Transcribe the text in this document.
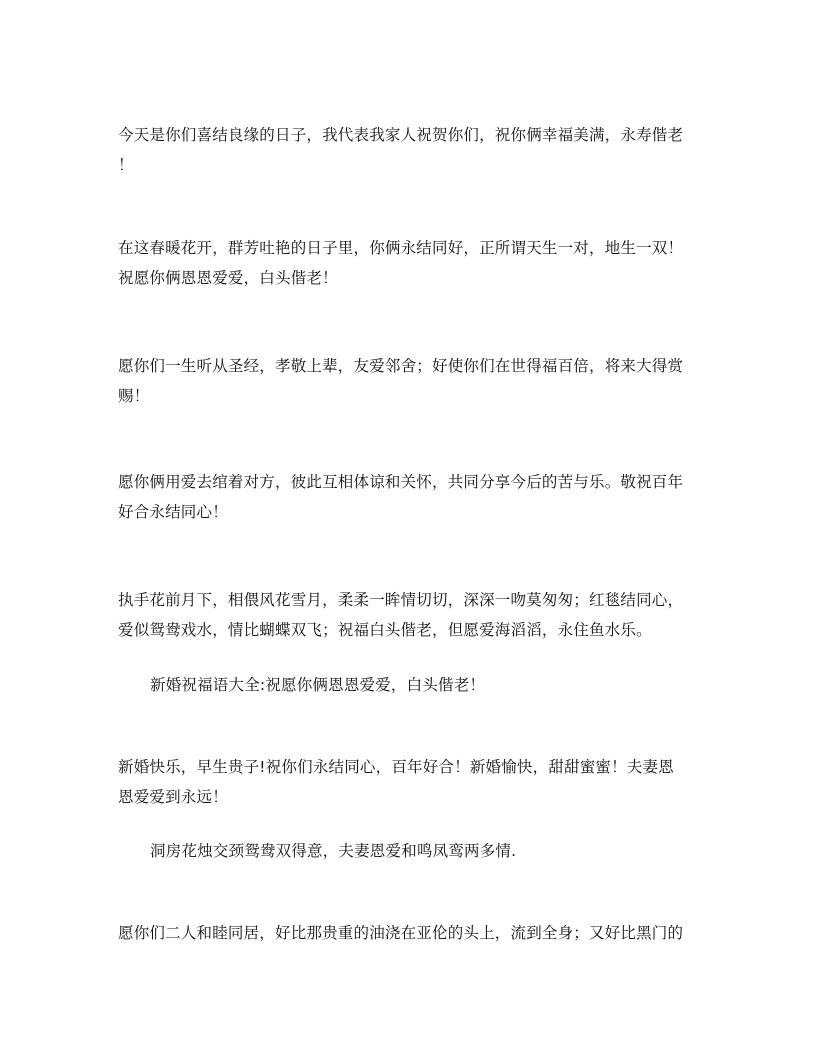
今天是你们喜结良缘的日子，我代表我家人祝贺你们，祝你俩幸福美满，永寿偕老
！
在这春暖花开，群芳吐艳的日子里，你俩永结同好，正所谓天生一对，地生一双！
祝愿你俩恩恩爱爱，白头偕老！
愿你们一生听从圣经，孝敬上辈，友爱邻舍；好使你们在世得福百倍，将来大得赏
赐！
愿你俩用爱去绾着对方，彼此互相体谅和关怀，共同分享今后的苦与乐。敬祝百年
好合永结同心！
执手花前月下，相偎风花雪月，柔柔一眸情切切，深深一吻莫匆匆；红毯结同心，
爱似鸳鸯戏水，情比蝴蝶双飞；祝福白头偕老，但愿爱海滔滔，永住鱼水乐。
新婚祝福语大全:祝愿你俩恩恩爱爱，白头偕老！
新婚快乐，早生贵子!祝你们永结同心，百年好合！新婚愉快，甜甜蜜蜜！夫妻恩
恩爱爱到永远！
洞房花烛交颈鸳鸯双得意，夫妻恩爱和鸣凤鸾两多情.
愿你们二人和睦同居，好比那贵重的油浇在亚伦的头上，流到全身；又好比黑门的
